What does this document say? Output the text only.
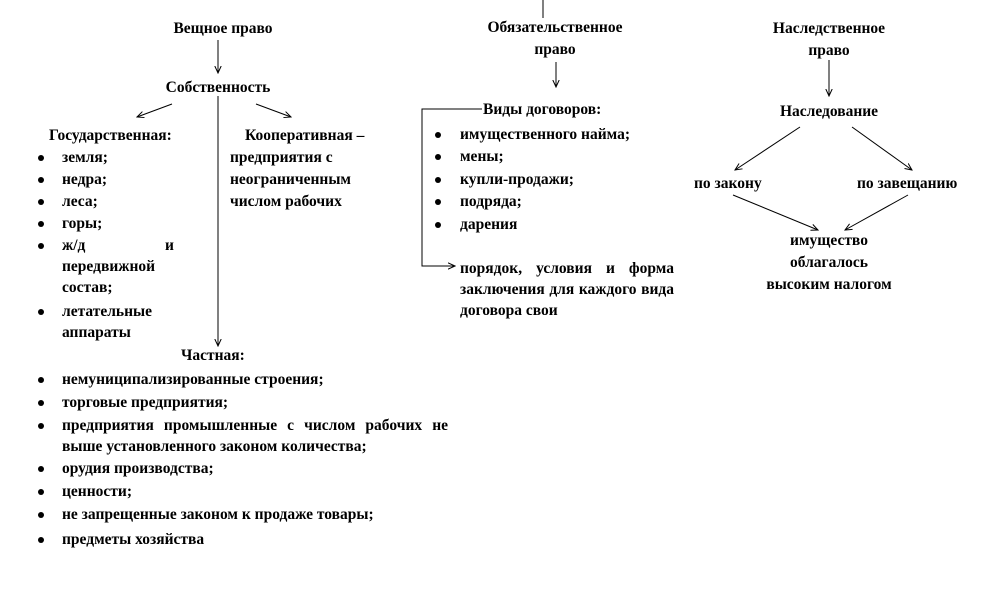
Вещное право
Собственность
Государственная:
земля;
недра;
леса;
горы;
ж/д и передвижной состав;
летательные аппараты
Кооперативная –
предприятия с
неограниченным
числом рабочих
Частная:
немуниципализированные строения;
торговые предприятия;
предприятия промышленные с числом рабочих не выше установленного законом количества;
орудия производства;
ценности;
не запрещенные законом к продаже товары;
предметы хозяйства
Обязательственное
право
Виды договоров:
имущественного найма;
мены;
купли-продажи;
подряда;
дарения
порядок, условия и форма заключения для каждого вида договора свои
Наследственное
право
Наследование
по закону	по завещанию
имущество
облагалось
высоким налогом
